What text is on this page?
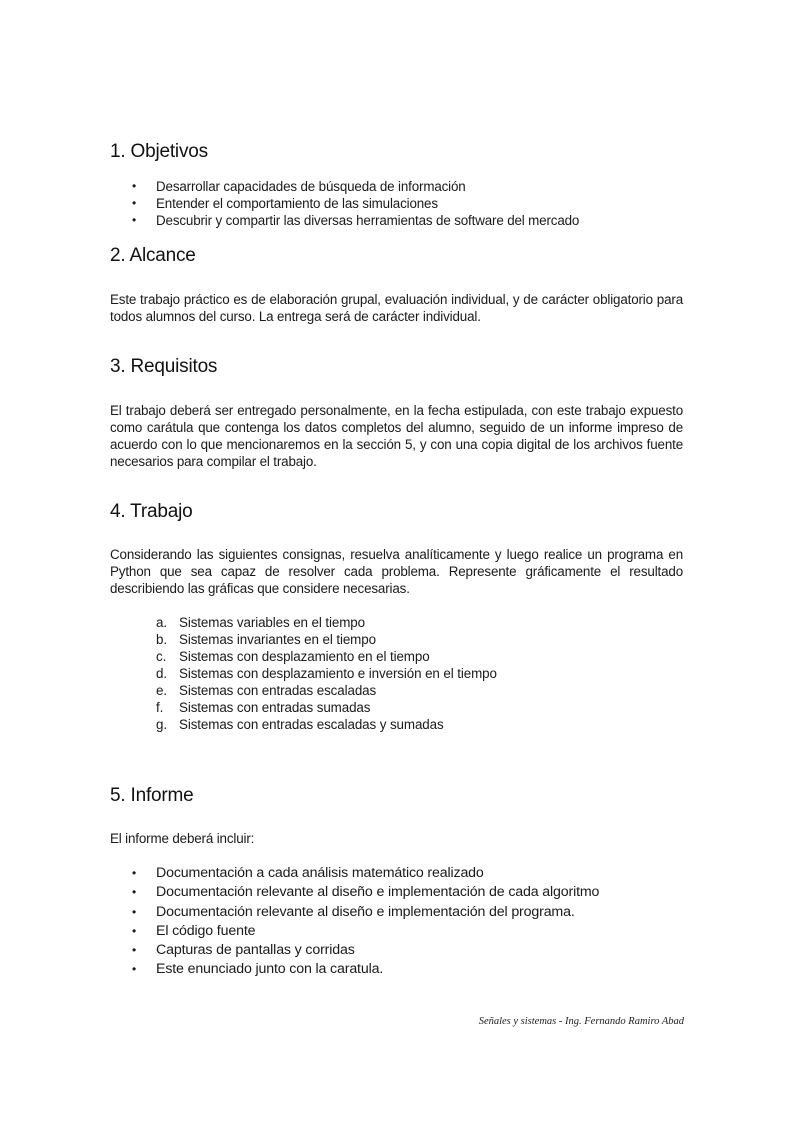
1. Objetivos
• Desarrollar capacidades de búsqueda de información
• Entender el comportamiento de las simulaciones
• Descubrir y compartir las diversas herramientas de software del mercado
2. Alcance

Este trabajo práctico es de elaboración grupal, evaluación individual, y de carácter obligatorio para todos alumnos del curso. La entrega será de carácter individual.

3. Requisitos

El trabajo deberá ser entregado personalmente, en la fecha estipulada, con este trabajo expuesto como carátula que contenga los datos completos del alumno, seguido de un informe impreso de acuerdo con lo que mencionaremos en la sección 5, y con una copia digital de los archivos fuente necesarios para compilar el trabajo.

4. Trabajo

Considerando las siguientes consignas, resuelva analíticamente y luego realice un programa en Python que sea capaz de resolver cada problema. Represente gráficamente el resultado describiendo las gráficas que considere necesarias.

a. Sistemas variables en el tiempo
b. Sistemas invariantes en el tiempo
c. Sistemas con desplazamiento en el tiempo
d. Sistemas con desplazamiento e inversión en el tiempo
e. Sistemas con entradas escaladas
f. Sistemas con entradas sumadas
g. Sistemas con entradas escaladas y sumadas
5. Informe

El informe deberá incluir:

• Documentación a cada análisis matemático realizado
• Documentación relevante al diseño e implementación de cada algoritmo
• Documentación relevante al diseño e implementación del programa.
• El código fuente
• Capturas de pantallas y corridas
• Este enunciado junto con la caratula.
Señales y sistemas - Ing. Fernando Ramiro Abad
